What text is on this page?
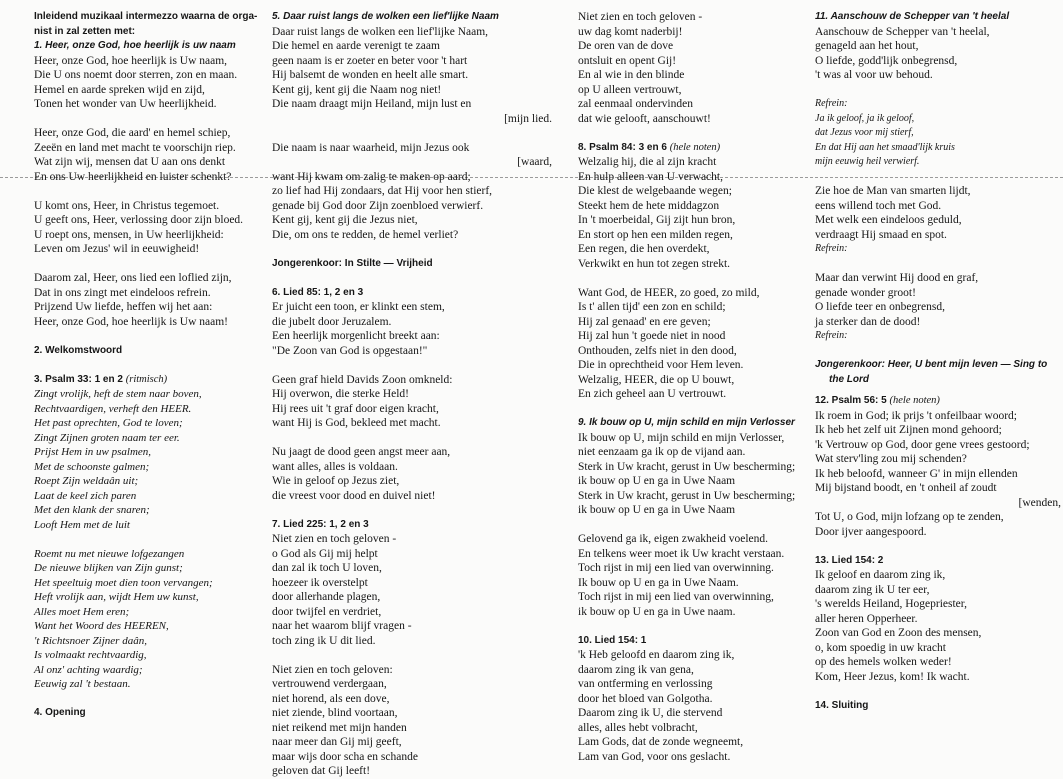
Inleidend muzikaal intermezzo waarna de orga-
nist in zal zetten met:
1. Heer, onze God, hoe heerlijk is uw naam
Heer, onze God, hoe heerlijk is Uw naam,
Die U ons noemt door sterren, zon en maan.
Hemel en aarde spreken wijd en zijd,
Tonen het wonder van Uw heerlijkheid.
Heer, onze God, die aard' en hemel schiep,
Zeeën en land met macht te voorschijn riep.
Wat zijn wij, mensen dat U aan ons denkt
En ons Uw heerlijkheid en luister schenkt?
U komt ons, Heer, in Christus tegemoet.
U geeft ons, Heer, verlossing door zijn bloed.
U roept ons, mensen, in Uw heerlijkheid:
Leven om Jezus' wil in eeuwigheid!
Daarom zal, Heer, ons lied een loflied zijn,
Dat in ons zingt met eindeloos refrein.
Prijzend Uw liefde, heffen wij het aan:
Heer, onze God, hoe heerlijk is Uw naam!
2. Welkomstwoord
3. Psalm 33: 1 en 2 (ritmisch)
Zingt vrolijk, heft de stem naar boven,
Rechtvaardigen, verheft den HEER.
Het past oprechten, God te loven;
Zingt Zijnen groten naam ter eer.
Prijst Hem in uw psalmen,
Met de schoonste galmen;
Roept Zijn weldaân uit;
Laat de keel zich paren
Met den klank der snaren;
Looft Hem met de luit
Roemt nu met nieuwe lofgezangen
De nieuwe blijken van Zijn gunst;
Het speeltuig moet dien toon vervangen;
Heft vrolijk aan, wijdt Hem uw kunst,
Alles moet Hem eren;
Want het Woord des HEEREN,
't Richtsnoer Zijner daân,
Is volmaakt rechtvaardig,
Al onz' achting waardig;
Eeuwig zal 't bestaan.
4. Opening
5. Daar ruist langs de wolken een lief'lijke Naam
Daar ruist langs de wolken een lief'lijke Naam,
Die hemel en aarde verenigt te zaam
geen naam is er zoeter en beter voor 't hart
Hij balsemt de wonden en heelt alle smart.
Kent gij, kent gij die Naam nog niet!
Die naam draagt mijn Heiland, mijn lust en
[mijn lied.
Die naam is naar waarheid, mijn Jezus ook
[waard,
want Hij kwam om zalig te maken op aard;
zo lief had Hij zondaars, dat Hij voor hen stierf,
genade bij God door Zijn zoenbloed verwierf.
Kent gij, kent gij die Jezus niet,
Die, om ons te redden, de hemel verliet?
Jongerenkoor: In Stilte — Vrijheid
6. Lied 85: 1, 2 en 3
Er juicht een toon, er klinkt een stem,
die jubelt door Jeruzalem.
Een heerlijk morgenlicht breekt aan:
"De Zoon van God is opgestaan!"
Geen graf hield Davids Zoon omkneld:
Hij overwon, die sterke Held!
Hij rees uit 't graf door eigen kracht,
want Hij is God, bekleed met macht.
Nu jaagt de dood geen angst meer aan,
want alles, alles is voldaan.
Wie in geloof op Jezus ziet,
die vreest voor dood en duivel niet!
7. Lied 225: 1, 2 en 3
Niet zien en toch geloven -
o God als Gij mij helpt
dan zal ik toch U loven,
hoezeer ik overstelpt
door allerhande plagen,
door twijfel en verdriet,
naar het waarom blijf vragen -
toch zing ik U dit lied.
Niet zien en toch geloven:
vertrouwend verdergaan,
niet horend, als een dove,
niet ziende, blind voortaan,
niet reikend met mijn handen
naar meer dan Gij mij geeft,
maar wijs door scha en schande
geloven dat Gij leeft!
Niet zien en toch geloven -
uw dag komt naderbij!
De oren van de dove
ontsluit en opent Gij!
En al wie in den blinde
op U alleen vertrouwt,
zal eenmaal ondervinden
dat wie gelooft, aanschouwt!
8. Psalm 84: 3 en 6 (hele noten)
Welzalig hij, die al zijn kracht
En hulp alleen van U verwacht,
Die klest de welgebaande wegen;
Steekt hem de hete middagzon
In 't moerbeidal, Gij zijt hun bron,
En stort op hen een milden regen,
Een regen, die hen overdekt,
Verkwikt en hun tot zegen strekt.
Want God, de HEER, zo goed, zo mild,
Is t' allen tijd' een zon en schild;
Hij zal genaad' en ere geven;
Hij zal hun 't goede niet in nood
Onthouden, zelfs niet in den dood,
Die in oprechtheid voor Hem leven.
Welzalig, HEER, die op U bouwt,
En zich geheel aan U vertrouwt.
9. Ik bouw op U, mijn schild en mijn Verlosser
Ik bouw op U, mijn schild en mijn Verlosser,
niet eenzaam ga ik op de vijand aan.
Sterk in Uw kracht, gerust in Uw bescherming;
ik bouw op U en ga in Uwe Naam
Sterk in Uw kracht, gerust in Uw bescherming;
ik bouw op U en ga in Uwe Naam
Gelovend ga ik, eigen zwakheid voelend.
En telkens weer moet ik Uw kracht verstaan.
Toch rijst in mij een lied van overwinning.
Ik bouw op U en ga in Uwe Naam.
Toch rijst in mij een lied van overwinning,
ik bouw op U en ga in Uwe naam.
10. Lied 154: 1
'k Heb geloofd en daarom zing ik,
daarom zing ik van gena,
van ontferming en verlossing
door het bloed van Golgotha.
Daarom zing ik U, die stervend
alles, alles hebt volbracht,
Lam Gods, dat de zonde wegneemt,
Lam van God, voor ons geslacht.
11. Aanschouw de Schepper van 't heelal
Aanschouw de Schepper van 't heelal,
genageld aan het hout,
O liefde, godd'lijk onbegrensd,
't was al voor uw behoud.
Refrein:
Ja ik geloof, ja ik geloof,
dat Jezus voor mij stierf,
En dat Hij aan het smaad'lijk kruis
mijn eeuwig heil verwierf.
Zie hoe de Man van smarten lijdt,
eens willend toch met God.
Met welk een eindeloos geduld,
verdraagt Hij smaad en spot.
Refrein:
Maar dan verwint Hij dood en graf,
genade wonder groot!
O liefde teer en onbegrensd,
ja sterker dan de dood!
Refrein:
Jongerenkoor: Heer, U bent mijn leven — Sing to
the Lord
12. Psalm 56: 5 (hele noten)
Ik roem in God; ik prijs 't onfeilbaar woord;
Ik heb het zelf uit Zijnen mond gehoord;
'k Vertrouw op God, door gene vrees gestoord;
Wat sterv'ling zou mij schenden?
Ik heb beloofd, wanneer G' in mijn ellenden
Mij bijstand boodt, en 't onheil af zoudt
[wenden,
Tot U, o God, mijn lofzang op te zenden,
Door ijver aangespoord.
13. Lied 154: 2
Ik geloof en daarom zing ik,
daarom zing ik U ter eer,
's werelds Heiland, Hogepriester,
aller heren Opperheer.
Zoon van God en Zoon des mensen,
o, kom spoedig in uw kracht
op des hemels wolken weder!
Kom, Heer Jezus, kom! Ik wacht.
14. Sluiting
